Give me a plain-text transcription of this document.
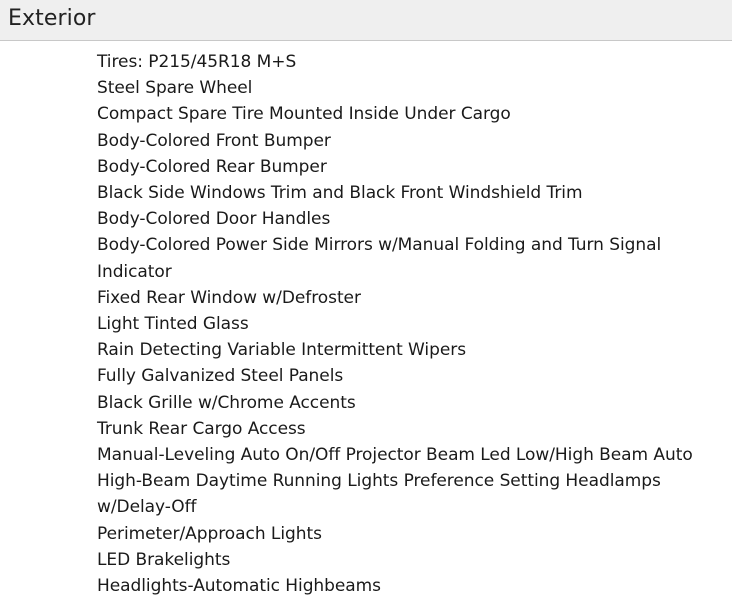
Exterior
Tires: P215/45R18 M+S
Steel Spare Wheel
Compact Spare Tire Mounted Inside Under Cargo
Body-Colored Front Bumper
Body-Colored Rear Bumper
Black Side Windows Trim and Black Front Windshield Trim
Body-Colored Door Handles
Body-Colored Power Side Mirrors w/Manual Folding and Turn Signal Indicator
Fixed Rear Window w/Defroster
Light Tinted Glass
Rain Detecting Variable Intermittent Wipers
Fully Galvanized Steel Panels
Black Grille w/Chrome Accents
Trunk Rear Cargo Access
Manual-Leveling Auto On/Off Projector Beam Led Low/High Beam Auto High-Beam Daytime Running Lights Preference Setting Headlamps w/Delay-Off
Perimeter/Approach Lights
LED Brakelights
Headlights-Automatic Highbeams
